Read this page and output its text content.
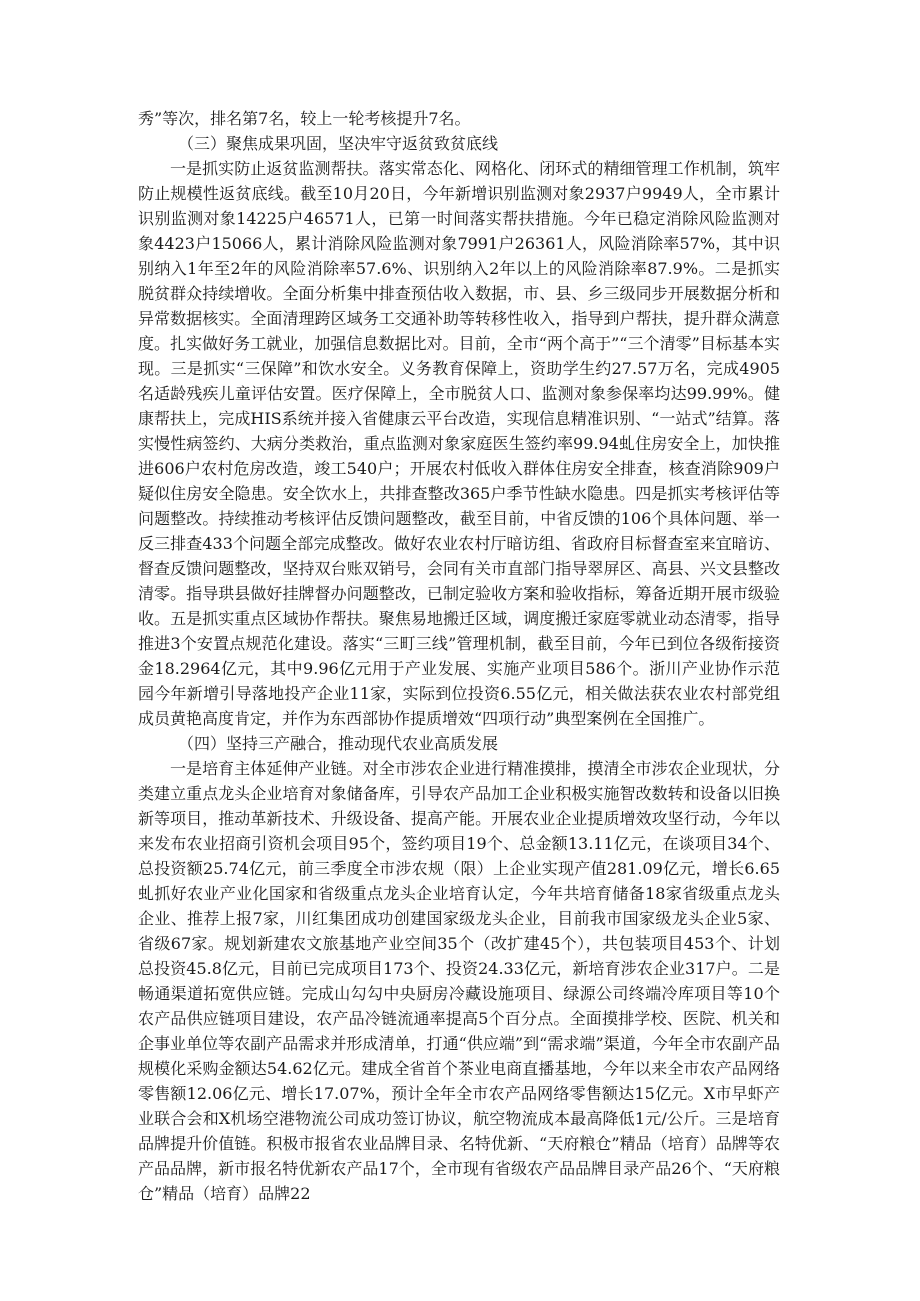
秀”等次，排名第7名，较上一轮考核提升7名。

（三）聚焦成果巩固，坚决牢守返贫致贫底线

一是抓实防止返贫监测帮扶。落实常态化、网格化、闭环式的精细管理工作机制，筑牢防止规模性返贫底线。截至10月20日，今年新增识别监测对象2937户9949人，全市累计识别监测对象14225户46571人，已第一时间落实帮扶措施。今年已稳定消除风险监测对象4423户15066人，累计消除风险监测对象7991户26361人，风险消除率57%，其中识别纳入1年至2年的风险消除率57.6%、识别纳入2年以上的风险消除率87.9%。二是抓实脱贫群众持续增收。全面分析集中排查预估收入数据，市、县、乡三级同步开展数据分析和异常数据核实。全面清理跨区域务工交通补助等转移性收入，指导到户帮扶，提升群众满意度。扎实做好务工就业，加强信息数据比对。目前，全市“两个高于”“三个清零”目标基本实现。三是抓实“三保障”和饮水安全。义务教育保障上，资助学生约27.57万名，完成4905名适龄残疾儿童评估安置。医疗保障上，全市脱贫人口、监测对象参保率均达99.99%。健康帮扶上，完成HIS系统并接入省健康云平台改造，实现信息精准识别、“一站式”结算。落实慢性病签约、大病分类救治，重点监测对象家庭医生签约率99.94虬住房安全上，加快推进606户农村危房改造，竣工540户；开展农村低收入群体住房安全排查，核查消除909户疑似住房安全隐患。安全饮水上，共排查整改365户季节性缺水隐患。四是抓实考核评估等问题整改。持续推动考核评估反馈问题整改，截至目前，中省反馈的106个具体问题、举一反三排查433个问题全部完成整改。做好农业农村厅暗访组、省政府目标督查室来宜暗访、督查反馈问题整改，坚持双台账双销号，会同有关市直部门指导翠屏区、高县、兴文县整改清零。指导珙县做好挂牌督办问题整改，已制定验收方案和验收指标，筹备近期开展市级验收。五是抓实重点区域协作帮扶。聚焦易地搬迁区域，调度搬迁家庭零就业动态清零，指导推进3个安置点规范化建设。落实“三町三线”管理机制，截至目前，今年已到位各级衔接资金18.2964亿元，其中9.96亿元用于产业发展、实施产业项目586个。浙川产业协作示范园今年新增引导落地投产企业11家，实际到位投资6.55亿元，相关做法获农业农村部党组成员黄艳高度肯定，并作为东西部协作提质增效“四项行动”典型案例在全国推广。

（四）坚持三产融合，推动现代农业高质发展

一是培育主体延伸产业链。对全市涉农企业进行精准摸排，摸清全市涉农企业现状，分类建立重点龙头企业培育对象储备库，引导农产品加工企业积极实施智改数转和设备以旧换新等项目，推动革新技术、升级设备、提高产能。开展农业企业提质增效攻坚行动，今年以来发布农业招商引资机会项目95个，签约项目19个、总金额13.11亿元，在谈项目34个、总投资额25.74亿元，前三季度全市涉农规（限）上企业实现产值281.09亿元，增长6.65虬抓好农业产业化国家和省级重点龙头企业培育认定，今年共培育储备18家省级重点龙头企业、推荐上报7家，川红集团成功创建国家级龙头企业，目前我市国家级龙头企业5家、省级67家。规划新建农文旅基地产业空间35个（改扩建45个），共包装项目453个、计划总投资45.8亿元，目前已完成项目173个、投资24.33亿元，新培育涉农企业317户。二是畅通渠道拓宽供应链。完成山勾勾中央厨房冷藏设施项目、绿源公司终端冷库项目等10个农产品供应链项目建设，农产品冷链流通率提高5个百分点。全面摸排学校、医院、机关和企事业单位等农副产品需求并形成清单，打通“供应端”到“需求端”渠道，今年全市农副产品规模化采购金额达54.62亿元。建成全省首个茶业电商直播基地，今年以来全市农产品网络零售额12.06亿元、增长17.07%，预计全年全市农产品网络零售额达15亿元。X市早虾产业联合会和X机场空港物流公司成功签订协议，航空物流成本最高降低1元/公斤。三是培育品牌提升价值链。积极市报省农业品牌目录、名特优新、“天府粮仓”精品（培育）品牌等农产品品牌，新市报名特优新农产品17个，全市现有省级农产品品牌目录产品26个、“天府粮仓”精品（培育）品牌22
